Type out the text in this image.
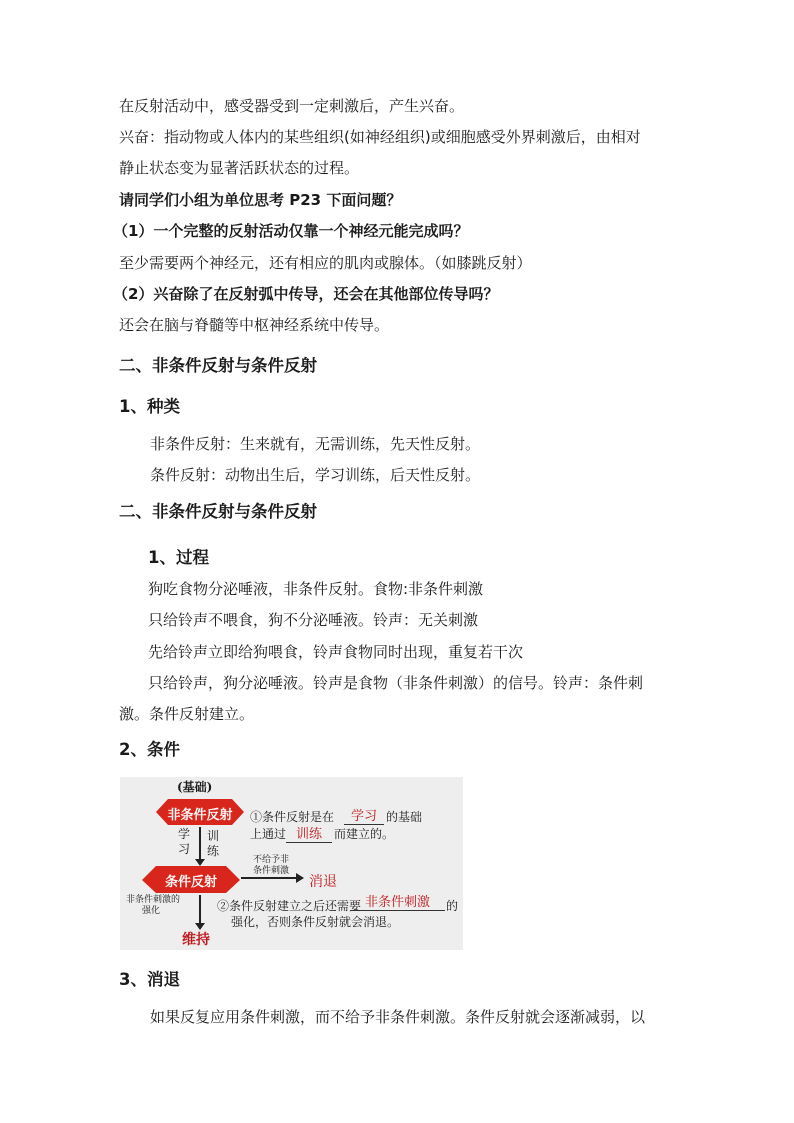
在反射活动中，感受器受到一定刺激后，产生兴奋。
兴奋：指动物或人体内的某些组织(如神经组织)或细胞感受外界刺激后，由相对
静止状态变为显著活跃状态的过程。
请同学们小组为单位思考 P23 下面问题？
（1）一个完整的反射活动仅靠一个神经元能完成吗？
至少需要两个神经元，还有相应的肌肉或腺体。（如膝跳反射）
（2）兴奋除了在反射弧中传导，还会在其他部位传导吗？
还会在脑与脊髓等中枢神经系统中传导。
二、非条件反射与条件反射
1、种类
非条件反射：生来就有，无需训练，先天性反射。
条件反射：动物出生后，学习训练，后天性反射。
二、非条件反射与条件反射
1、过程
狗吃食物分泌唾液，非条件反射。食物:非条件刺激
只给铃声不喂食，狗不分泌唾液。铃声：无关刺激
先给铃声立即给狗喂食，铃声食物同时出现，重复若干次
只给铃声，狗分泌唾液。铃声是食物（非条件刺激）的信号。铃声：条件刺
激。条件反射建立。
2、条件
(基础)
非条件反射
条件反射
学
习
训
练
不给予非
条件刺激
消退
非条件刺激的
强化
维持
①条件反射是在	学习 的基础
上通过 训练	而建立的。
②条件反射建立之后还需要 非条件刺激	的
强化，否则条件反射就会消退。
3、消退
如果反复应用条件刺激，而不给予非条件刺激。条件反射就会逐渐减弱，以
